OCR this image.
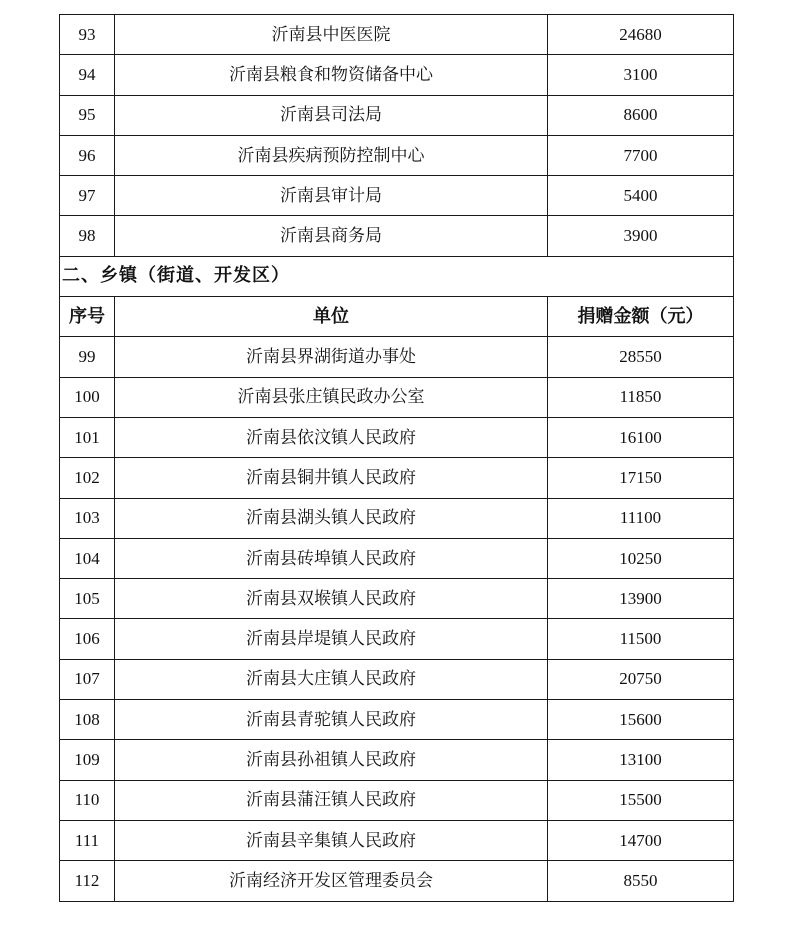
93	沂南县中医医院	24680
94	沂南县粮食和物资储备中心	3100
95	沂南县司法局	8600
96	沂南县疾病预防控制中心	7700
97	沂南县审计局	5400
98	沂南县商务局	3900
二、乡镇（街道、开发区）		
序号	单位	捐赠金额（元）
99	沂南县界湖街道办事处	28550
100	沂南县张庄镇民政办公室	11850
101	沂南县依汶镇人民政府	16100
102	沂南县铜井镇人民政府	17150
103	沂南县湖头镇人民政府	11100
104	沂南县砖埠镇人民政府	10250
105	沂南县双堠镇人民政府	13900
106	沂南县岸堤镇人民政府	11500
107	沂南县大庄镇人民政府	20750
108	沂南县青驼镇人民政府	15600
109	沂南县孙祖镇人民政府	13100
110	沂南县蒲汪镇人民政府	15500
111	沂南县辛集镇人民政府	14700
112	沂南经济开发区管理委员会	8550
